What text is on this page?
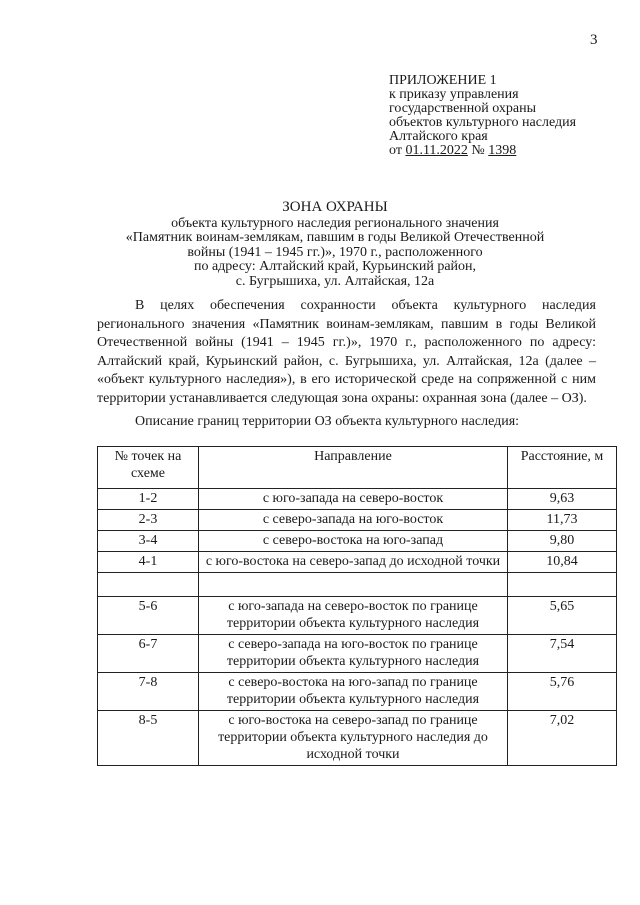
3
ПРИЛОЖЕНИЕ 1
к приказу управления
государственной охраны
объектов культурного наследия
Алтайского края
от 01.11.2022 № 1398
ЗОНА ОХРАНЫ
объекта культурного наследия регионального значения
«Памятник воинам-землякам, павшим в годы Великой Отечественной
войны (1941 – 1945 гг.)», 1970 г., расположенного
по адресу: Алтайский край, Курьинский район,
с. Бугрышиха, ул. Алтайская, 12а
В целях обеспечения сохранности объекта культурного наследия регионального значения «Памятник воинам-землякам, павшим в годы Великой Отечественной войны (1941 – 1945 гг.)», 1970 г., расположенного по адресу: Алтайский край, Курьинский район, с. Бугрышиха, ул. Алтайская, 12а (далее – «объект культурного наследия»), в его исторической среде на сопряженной с ним территории устанавливается следующая зона охраны: охранная зона (далее – ОЗ).
Описание границ территории ОЗ объекта культурного наследия:
№ точек на схеме	Направление	Расстояние, м
1-2	с юго-запада на северо-восток	9,63
2-3	с северо-запада на юго-восток	11,73
3-4	с северо-востока на юго-запад	9,80
4-1	с юго-востока на северо-запад до исходной точки	10,84

5-6	с юго-запада на северо-восток по границе территории объекта культурного наследия	5,65
6-7	с северо-запада на юго-восток по границе территории объекта культурного наследия	7,54
7-8	с северо-востока на юго-запад по границе территории объекта культурного наследия	5,76
8-5	с юго-востока на северо-запад по границе территории объекта культурного наследия до исходной точки	7,02
